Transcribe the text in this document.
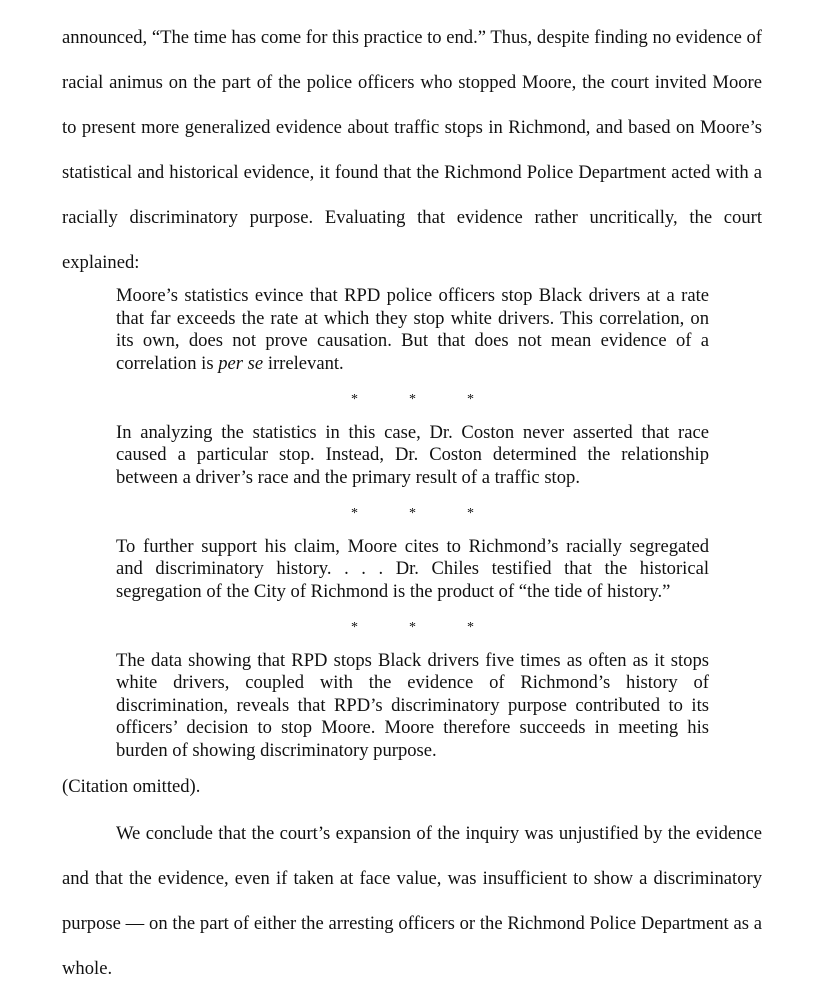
announced, “The time has come for this practice to end.” Thus, despite finding no evidence of racial animus on the part of the police officers who stopped Moore, the court invited Moore to present more generalized evidence about traffic stops in Richmond, and based on Moore’s statistical and historical evidence, it found that the Richmond Police Department acted with a racially discriminatory purpose. Evaluating that evidence rather uncritically, the court explained:

Moore’s statistics evince that RPD police officers stop Black drivers at a rate that far exceeds the rate at which they stop white drivers. This correlation, on its own, does not prove causation. But that does not mean evidence of a correlation is per se irrelevant.

*	*	*

In analyzing the statistics in this case, Dr. Coston never asserted that race caused a particular stop. Instead, Dr. Coston determined the relationship between a driver’s race and the primary result of a traffic stop.

*	*	*

To further support his claim, Moore cites to Richmond’s racially segregated and discriminatory history. . . . Dr. Chiles testified that the historical segregation of the City of Richmond is the product of “the tide of history.”

*	*	*

The data showing that RPD stops Black drivers five times as often as it stops white drivers, coupled with the evidence of Richmond’s history of discrimination, reveals that RPD’s discriminatory purpose contributed to its officers’ decision to stop Moore. Moore therefore succeeds in meeting his burden of showing discriminatory purpose.

(Citation omitted).

We conclude that the court’s expansion of the inquiry was unjustified by the evidence and that the evidence, even if taken at face value, was insufficient to show a discriminatory purpose — on the part of either the arresting officers or the Richmond Police Department as a whole.
